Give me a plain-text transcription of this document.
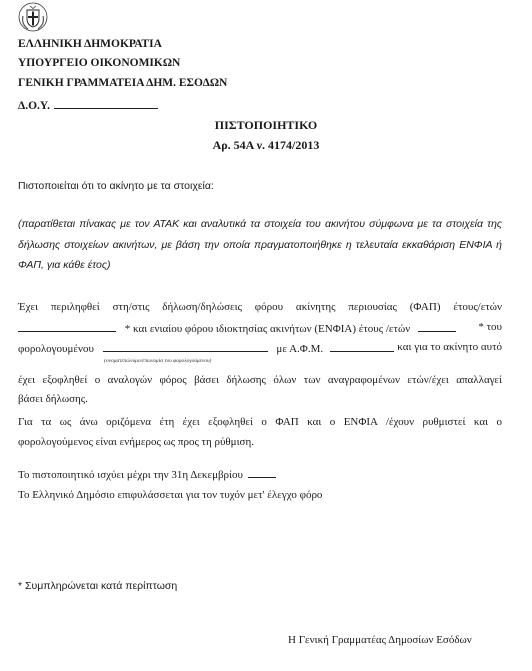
ΕΛΛΗΝΙΚΗ ΔΗΜΟΚΡΑΤΙΑ
ΥΠΟΥΡΓΕΙΟ ΟΙΚΟΝΟΜΙΚΩΝ
ΓΕΝΙΚΗ ΓΡΑΜΜΑΤΕΙΑ ΔΗΜ. ΕΣΟΔΩΝ
Δ.Ο.Υ.
ΠΙΣΤΟΠΟΙΗΤΙΚΟ
Αρ. 54Α ν. 4174/2013
Πιστοποιείται ότι το ακίνητο με τα στοιχεία:
(παρατίθεται πίνακας με τον ΑΤΑΚ και αναλυτικά τα στοιχεία του ακινήτου σύμφωνα με τα στοιχεία της
δήλωσης στοιχείων ακινήτων, με βάση την οποία πραγματοποιήθηκε η τελευταία εκκαθάριση ΕΝΦΙΑ ή
ΦΑΠ, για κάθε έτος)
Έχει περιληφθεί στη/στις δήλωση/δηλώσεις φόρου ακίνητης περιουσίας (ΦΑΠ) έτους/ετών
* και ενιαίου φόρου ιδιοκτησίας ακινήτων (ΕΝΦΙΑ) έτους /ετών	* του
φορολογουμένου	με Α.Φ.Μ.	και για το ακίνητο αυτό
(ονοματεπώνυμο/επωνυμία του φορολογούμενου)
έχει εξοφληθεί ο αναλογών φόρος βάσει δήλωσης όλων των αναγραφομένων ετών/έχει απαλλαγεί
βάσει δήλωσης.
Για τα ως άνω οριζόμενα έτη έχει εξοφληθεί ο ΦΑΠ και ο ΕΝΦΙΑ /έχουν ρυθμιστεί και ο
φορολογούμενος είναι ενήμερος ως προς τη ρύθμιση.
Το πιστοποιητικό ισχύει μέχρι την 31η Δεκεμβρίου
Το Ελληνικό Δημόσιο επιφυλάσσεται για τον τυχόν μετ' έλεγχο φόρο
* Συμπληρώνεται κατά περίπτωση
Η Γενική Γραμματέας Δημοσίων Εσόδων
